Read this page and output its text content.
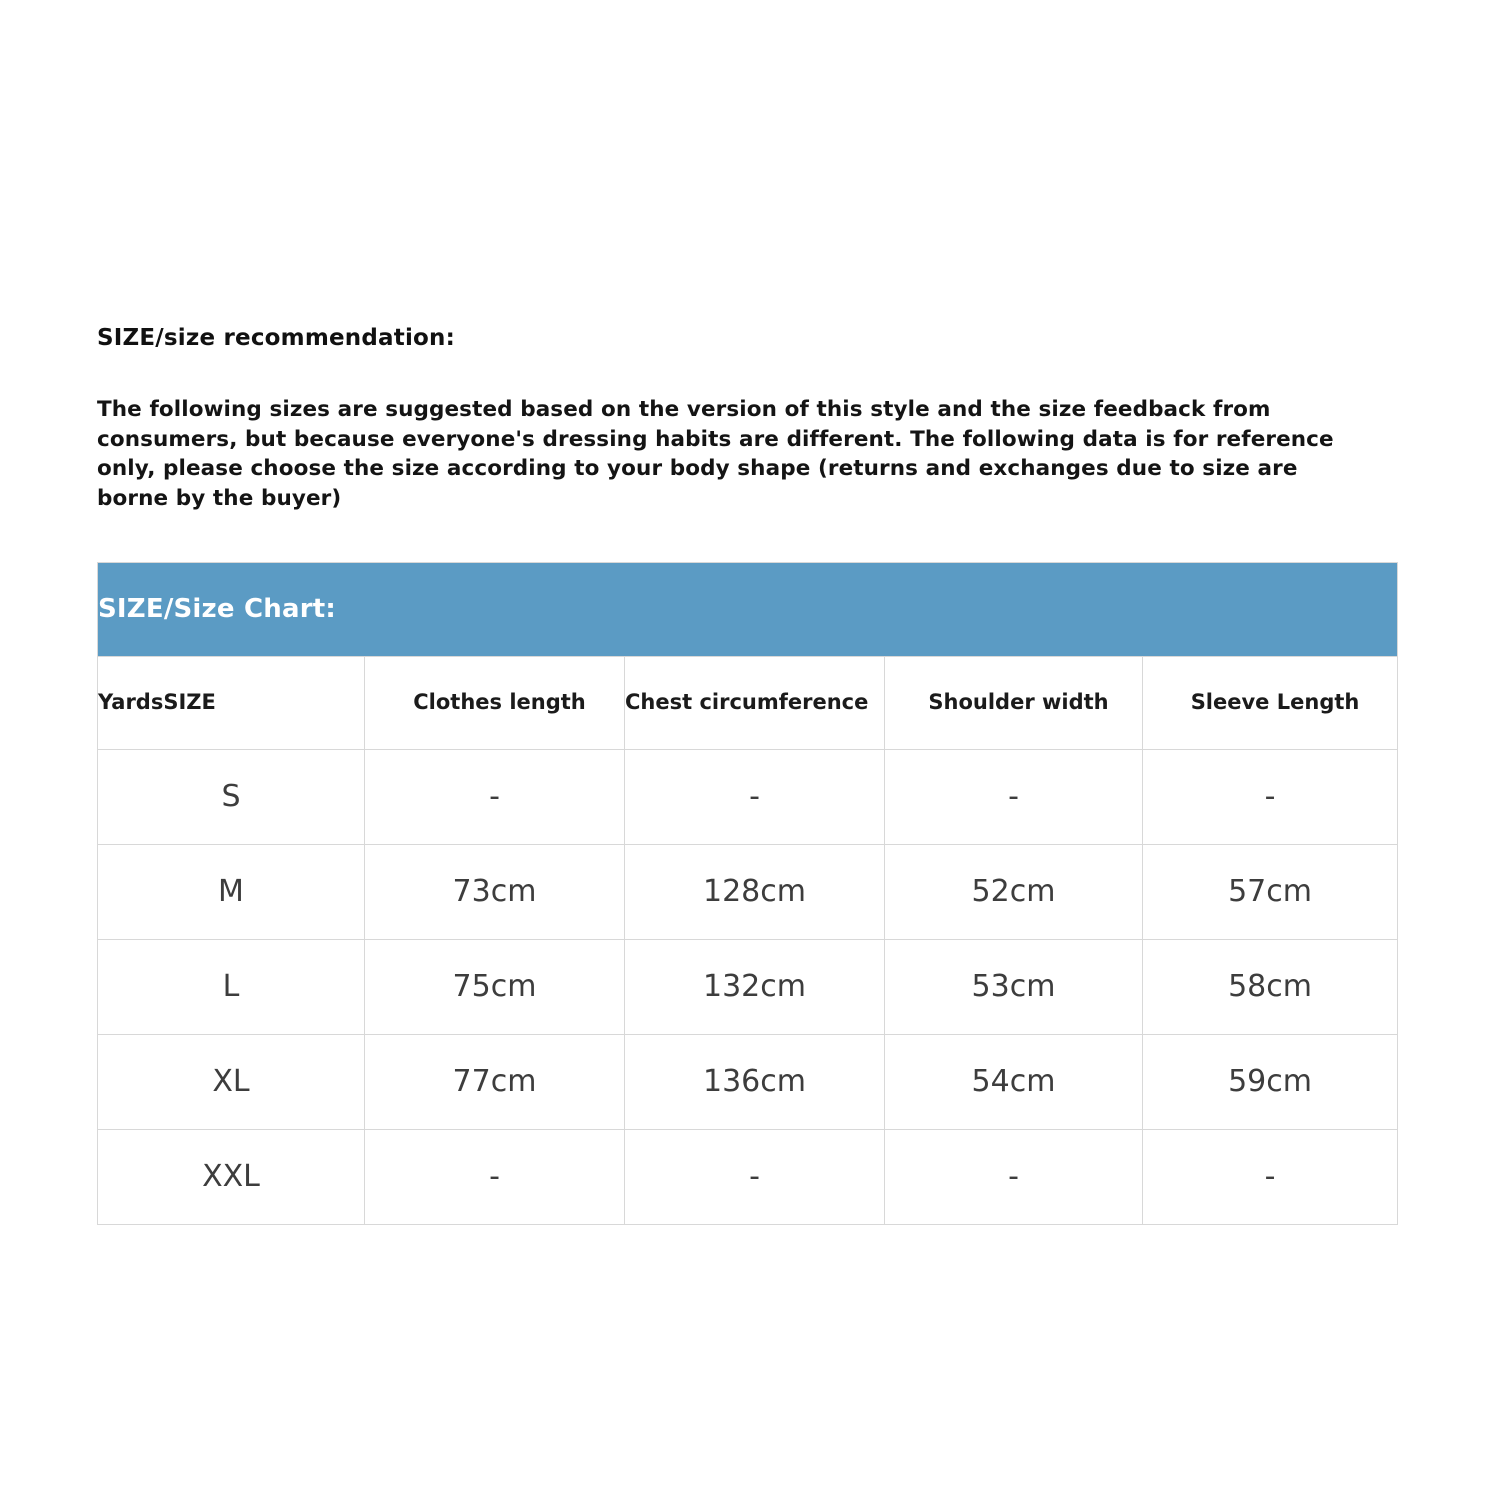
SIZE/size recommendation:
The following sizes are suggested based on the version of this style and the size feedback from consumers, but because everyone's dressing habits are different. The following data is for reference only, please choose the size according to your body shape (returns and exchanges due to size are borne by the buyer)
SIZE/Size Chart:				
YardsSIZE	Clothes length	Chest circumference	Shoulder width	Sleeve Length
S	-	-	-	-
M	73cm	128cm	52cm	57cm
L	75cm	132cm	53cm	58cm
XL	77cm	136cm	54cm	59cm
XXL	-	-	-	-
